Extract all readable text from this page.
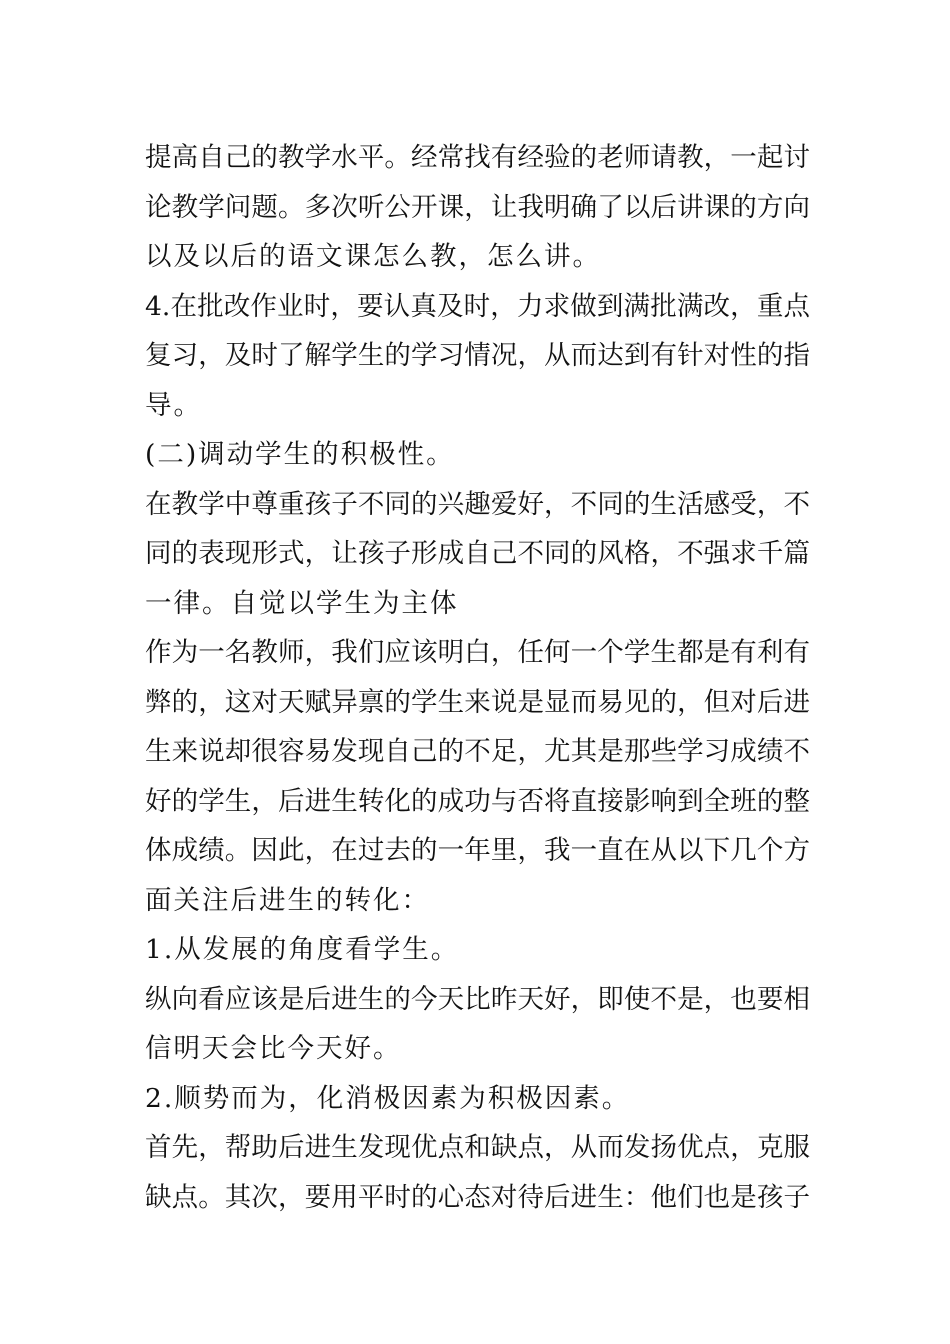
提高自己的教学水平。经常找有经验的老师请教，一起讨
论教学问题。多次听公开课，让我明确了以后讲课的方向
以及以后的语文课怎么教，怎么讲。
4.在批改作业时，要认真及时，力求做到满批满改，重点
复习，及时了解学生的学习情况，从而达到有针对性的指
导。
(二)调动学生的积极性。
在教学中尊重孩子不同的兴趣爱好，不同的生活感受，不
同的表现形式，让孩子形成自己不同的风格，不强求千篇
一律。自觉以学生为主体
作为一名教师，我们应该明白，任何一个学生都是有利有
弊的，这对天赋异禀的学生来说是显而易见的，但对后进
生来说却很容易发现自己的不足，尤其是那些学习成绩不
好的学生，后进生转化的成功与否将直接影响到全班的整
体成绩。因此，在过去的一年里，我一直在从以下几个方
面关注后进生的转化：
1.从发展的角度看学生。
纵向看应该是后进生的今天比昨天好，即使不是，也要相
信明天会比今天好。
2.顺势而为，化消极因素为积极因素。
首先，帮助后进生发现优点和缺点，从而发扬优点，克服
缺点。其次，要用平时的心态对待后进生：他们也是孩子
